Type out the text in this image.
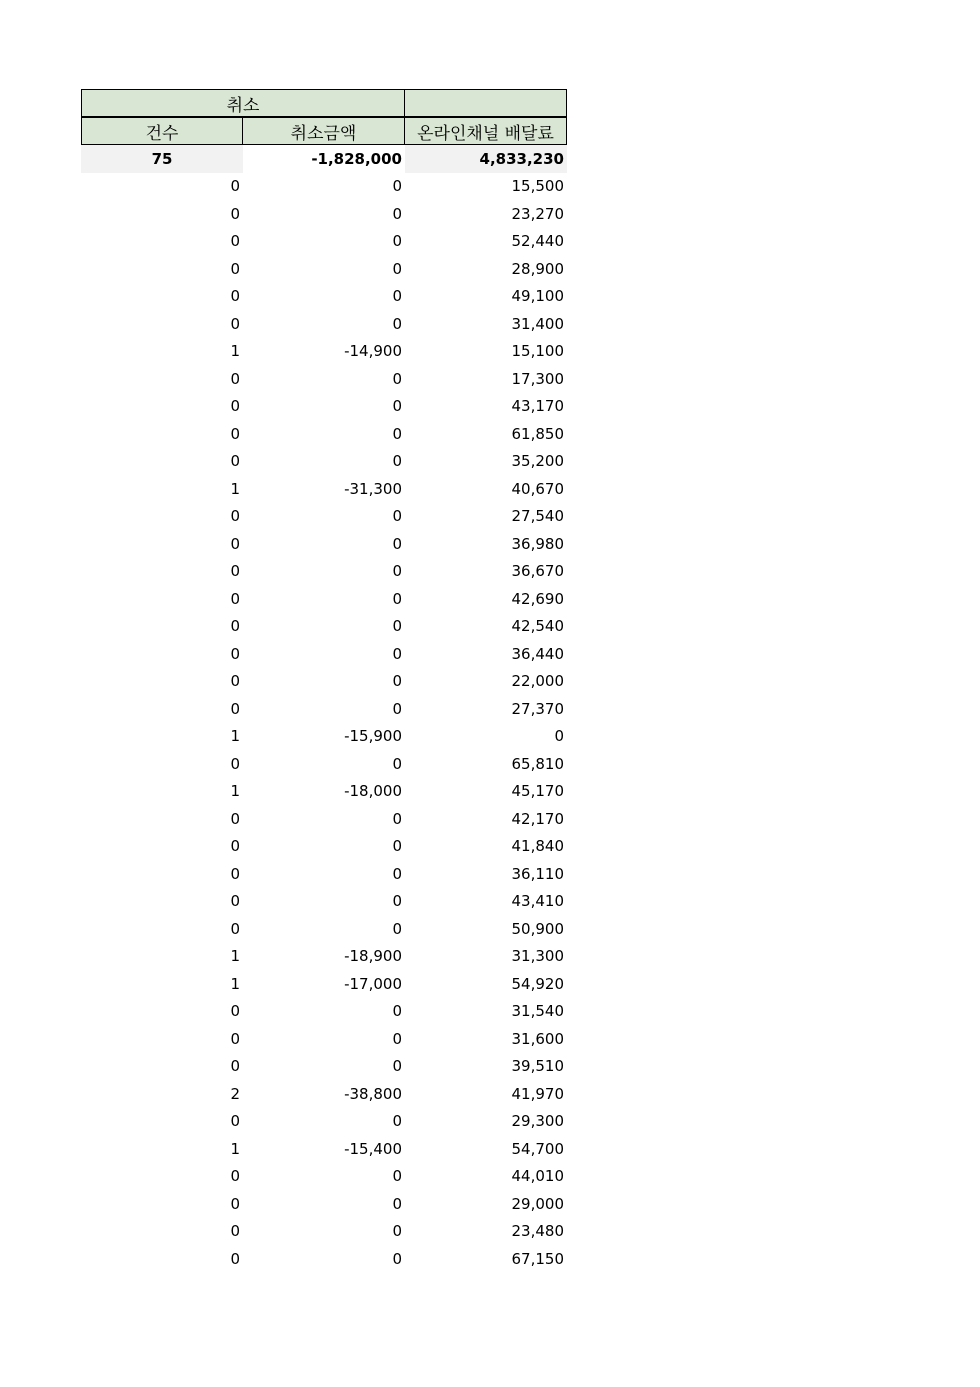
취소
건수	취소금액	온라인채널 배달료
75	-1,828,000	4,833,230
0	0	15,500
0	0	23,270
0	0	52,440
0	0	28,900
0	0	49,100
0	0	31,400
1	-14,900	15,100
0	0	17,300
0	0	43,170
0	0	61,850
0	0	35,200
1	-31,300	40,670
0	0	27,540
0	0	36,980
0	0	36,670
0	0	42,690
0	0	42,540
0	0	36,440
0	0	22,000
0	0	27,370
1	-15,900	0
0	0	65,810
1	-18,000	45,170
0	0	42,170
0	0	41,840
0	0	36,110
0	0	43,410
0	0	50,900
1	-18,900	31,300
1	-17,000	54,920
0	0	31,540
0	0	31,600
0	0	39,510
2	-38,800	41,970
0	0	29,300
1	-15,400	54,700
0	0	44,010
0	0	29,000
0	0	23,480
0	0	67,150
